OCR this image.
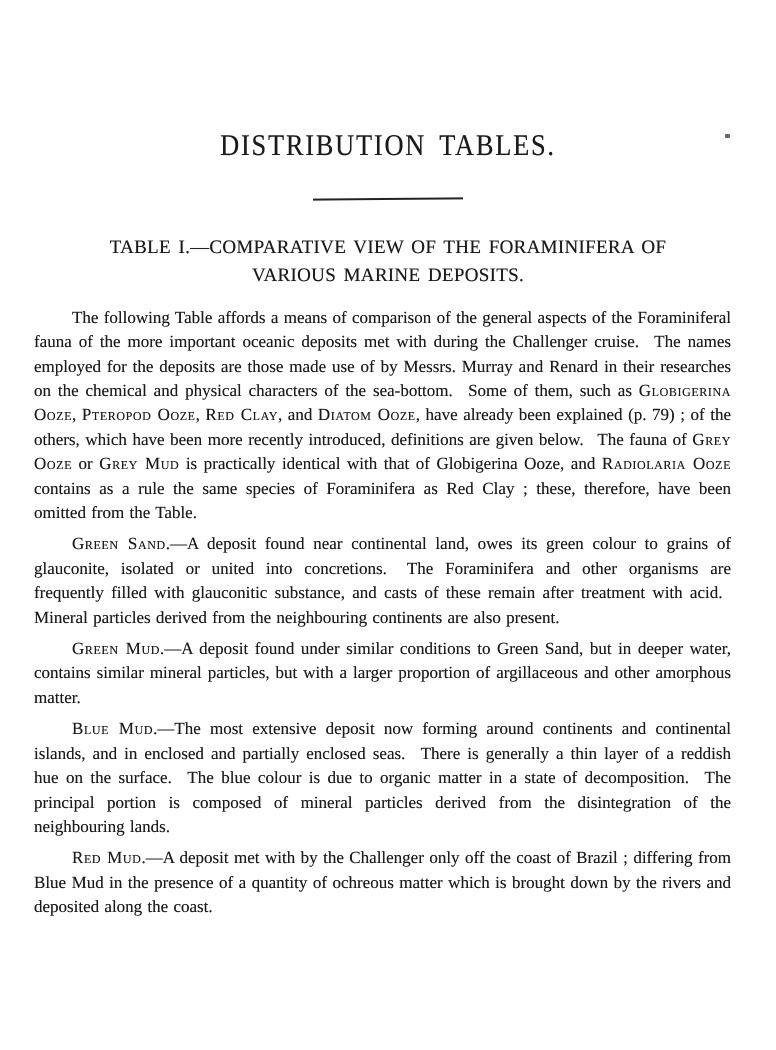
DISTRIBUTION TABLES.
TABLE I.—COMPARATIVE VIEW OF THE FORAMINIFERA OF
VARIOUS MARINE DEPOSITS.

The following Table affords a means of comparison of the general aspects of the Foraminiferal fauna of the more important oceanic deposits met with during the Challenger cruise.  The names employed for the deposits are those made use of by Messrs. Murray and Renard in their researches on the chemical and physical characters of the sea-bottom.  Some of them, such as Globigerina Ooze, Pteropod Ooze, Red Clay, and Diatom Ooze, have already been explained (p. 79) ; of the others, which have been more recently introduced, definitions are given below.  The fauna of Grey Ooze or Grey Mud is practically identical with that of Globigerina Ooze, and Radiolaria Ooze contains as a rule the same species of Foraminifera as Red Clay ; these, therefore, have been omitted from the Table.

Green Sand.—A deposit found near continental land, owes its green colour to grains of glauconite, isolated or united into concretions.  The Foraminifera and other organisms are frequently filled with glauconitic substance, and casts of these remain after treatment with acid.  Mineral particles derived from the neighbouring continents are also present.

Green Mud.—A deposit found under similar conditions to Green Sand, but in deeper water, contains similar mineral particles, but with a larger proportion of argillaceous and other amorphous matter.

Blue Mud.—The most extensive deposit now forming around continents and continental islands, and in enclosed and partially enclosed seas.  There is generally a thin layer of a reddish hue on the surface.  The blue colour is due to organic matter in a state of decomposition.  The principal portion is composed of mineral particles derived from the disintegration of the neighbouring lands.

Red Mud.—A deposit met with by the Challenger only off the coast of Brazil ; differing from Blue Mud in the presence of a quantity of ochreous matter which is brought down by the rivers and deposited along the coast.
